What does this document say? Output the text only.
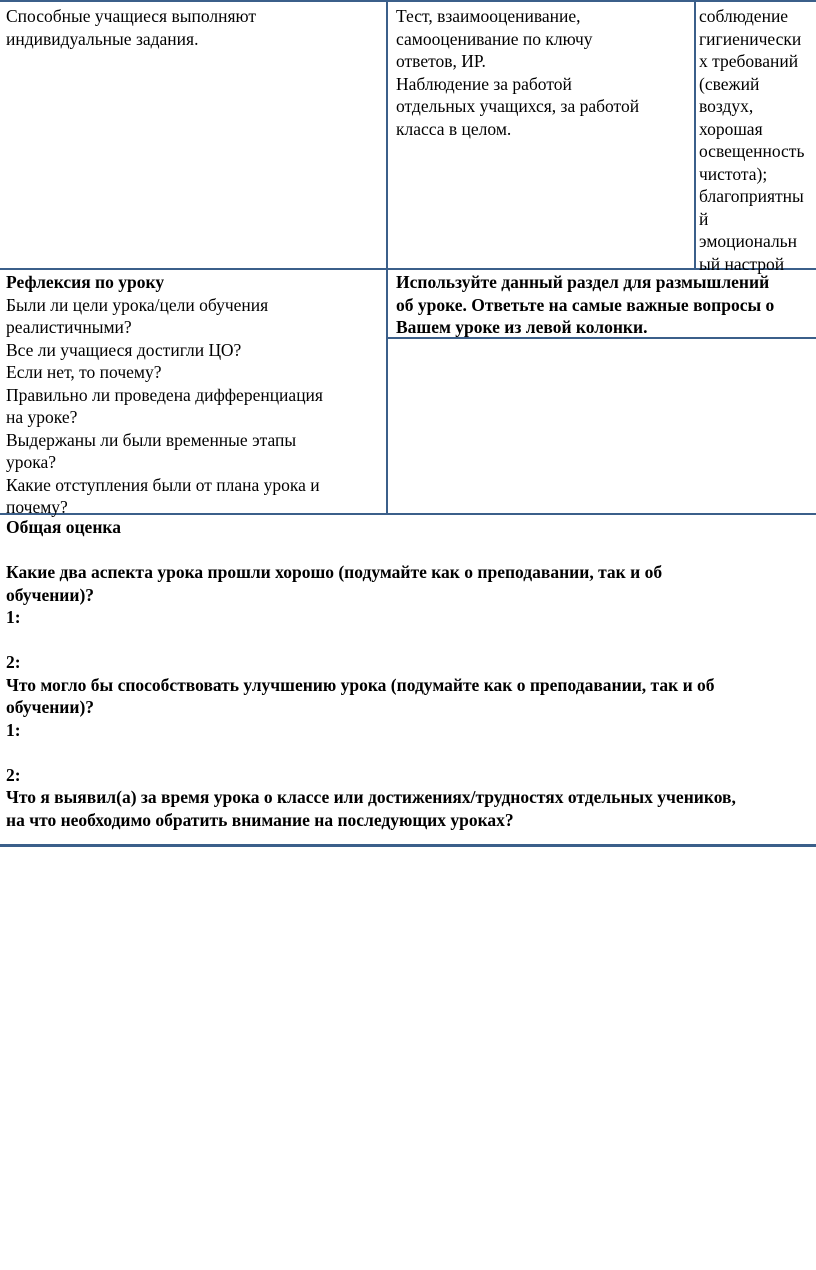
Способные учащиеся выполняют
индивидуальные задания.
Тест, взаимооценивание,
самооценивание по ключу
ответов, ИР.
Наблюдение за работой
отдельных учащихся, за работой
класса в целом.
соблюдение
гигиенически
х требований
(свежий
воздух,
хорошая
освещенность
чистота);
благоприятны
й
эмоциональн
ый настрой
Рефлексия по уроку
Были ли цели урока/цели обучения
реалистичными?
Все ли учащиеся достигли ЦО?
Если нет, то почему?
Правильно ли проведена дифференциация
на уроке?
Выдержаны ли были временные этапы
урока?
Какие отступления были от плана урока и
почему?
Используйте данный раздел для размышлений
об уроке. Ответьте на самые важные вопросы о
Вашем уроке из левой колонки.
Общая оценка
Какие два аспекта урока прошли хорошо (подумайте как о преподавании, так и об
обучении)?
1:
2:
Что могло бы способствовать улучшению урока (подумайте как о преподавании, так и об
обучении)?
1:
2:
Что я выявил(а) за время урока о классе или достижениях/трудностях отдельных учеников,
на что необходимо обратить внимание на последующих уроках?
